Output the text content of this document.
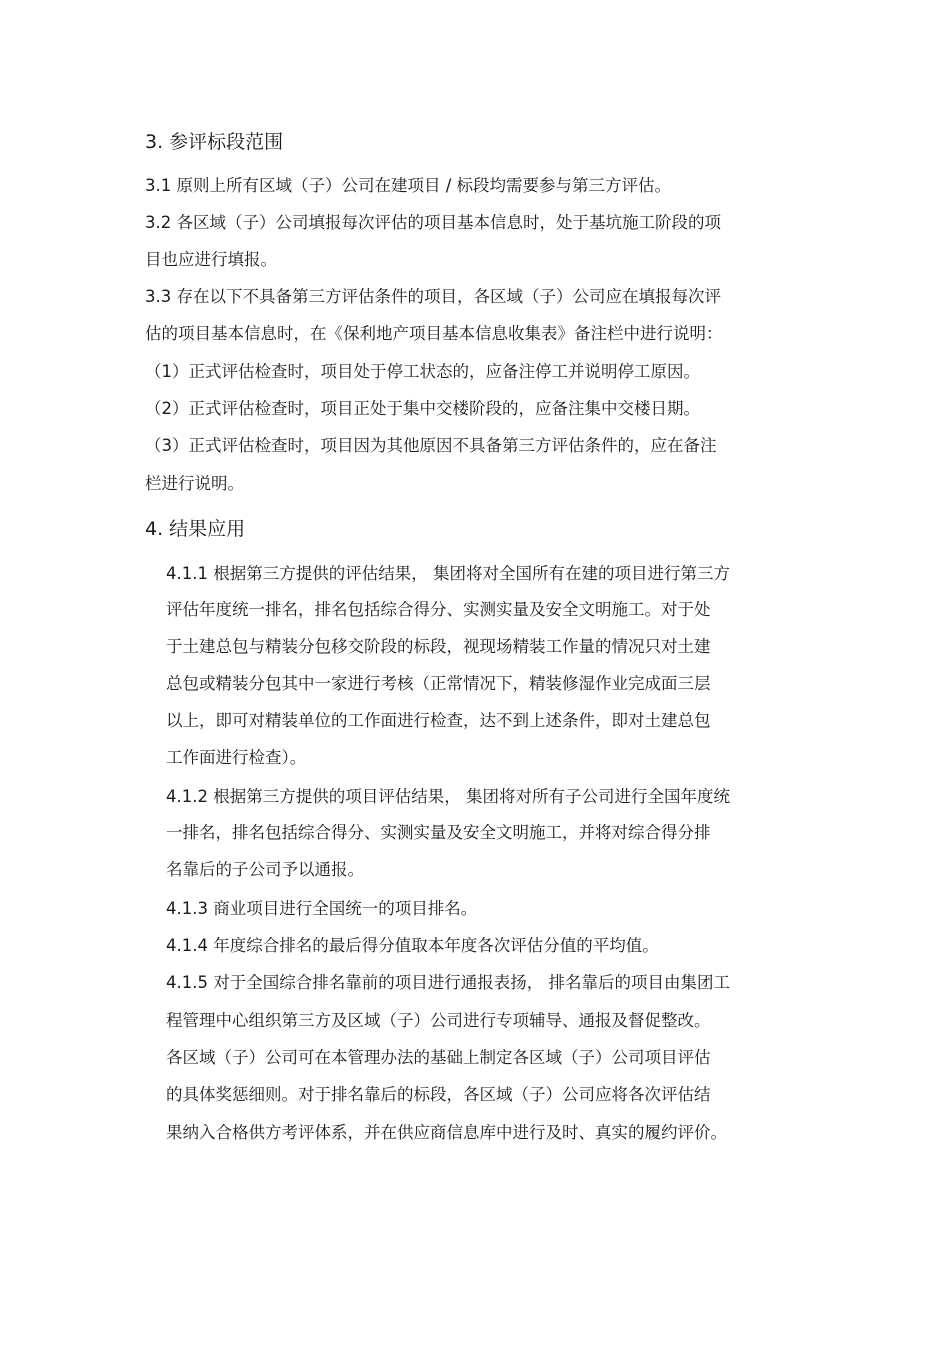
3. 参评标段范围
3.1 原则上所有区域（子）公司在建项目 / 标段均需要参与第三方评估。
3.2 各区域（子）公司填报每次评估的项目基本信息时，处于基坑施工阶段的项
目也应进行填报。
3.3 存在以下不具备第三方评估条件的项目，各区域（子）公司应在填报每次评
估的项目基本信息时，在《保利地产项目基本信息收集表》备注栏中进行说明：
（1）正式评估检查时，项目处于停工状态的，应备注停工并说明停工原因。
（2）正式评估检查时，项目正处于集中交楼阶段的，应备注集中交楼日期。
（3）正式评估检查时，项目因为其他原因不具备第三方评估条件的，应在备注
栏进行说明。
4. 结果应用
4.1.1 根据第三方提供的评估结果， 集团将对全国所有在建的项目进行第三方
评估年度统一排名，排名包括综合得分、实测实量及安全文明施工。对于处
于土建总包与精装分包移交阶段的标段，视现场精装工作量的情况只对土建
总包或精装分包其中一家进行考核（正常情况下，精装修湿作业完成面三层
以上，即可对精装单位的工作面进行检查，达不到上述条件，即对土建总包
工作面进行检查）。
4.1.2 根据第三方提供的项目评估结果， 集团将对所有子公司进行全国年度统
一排名，排名包括综合得分、实测实量及安全文明施工，并将对综合得分排
名靠后的子公司予以通报。
4.1.3 商业项目进行全国统一的项目排名。
4.1.4 年度综合排名的最后得分值取本年度各次评估分值的平均值。
4.1.5 对于全国综合排名靠前的项目进行通报表扬， 排名靠后的项目由集团工
程管理中心组织第三方及区域（子）公司进行专项辅导、通报及督促整改。
各区域（子）公司可在本管理办法的基础上制定各区域（子）公司项目评估
的具体奖惩细则。对于排名靠后的标段，各区域（子）公司应将各次评估结
果纳入合格供方考评体系，并在供应商信息库中进行及时、真实的履约评价。
